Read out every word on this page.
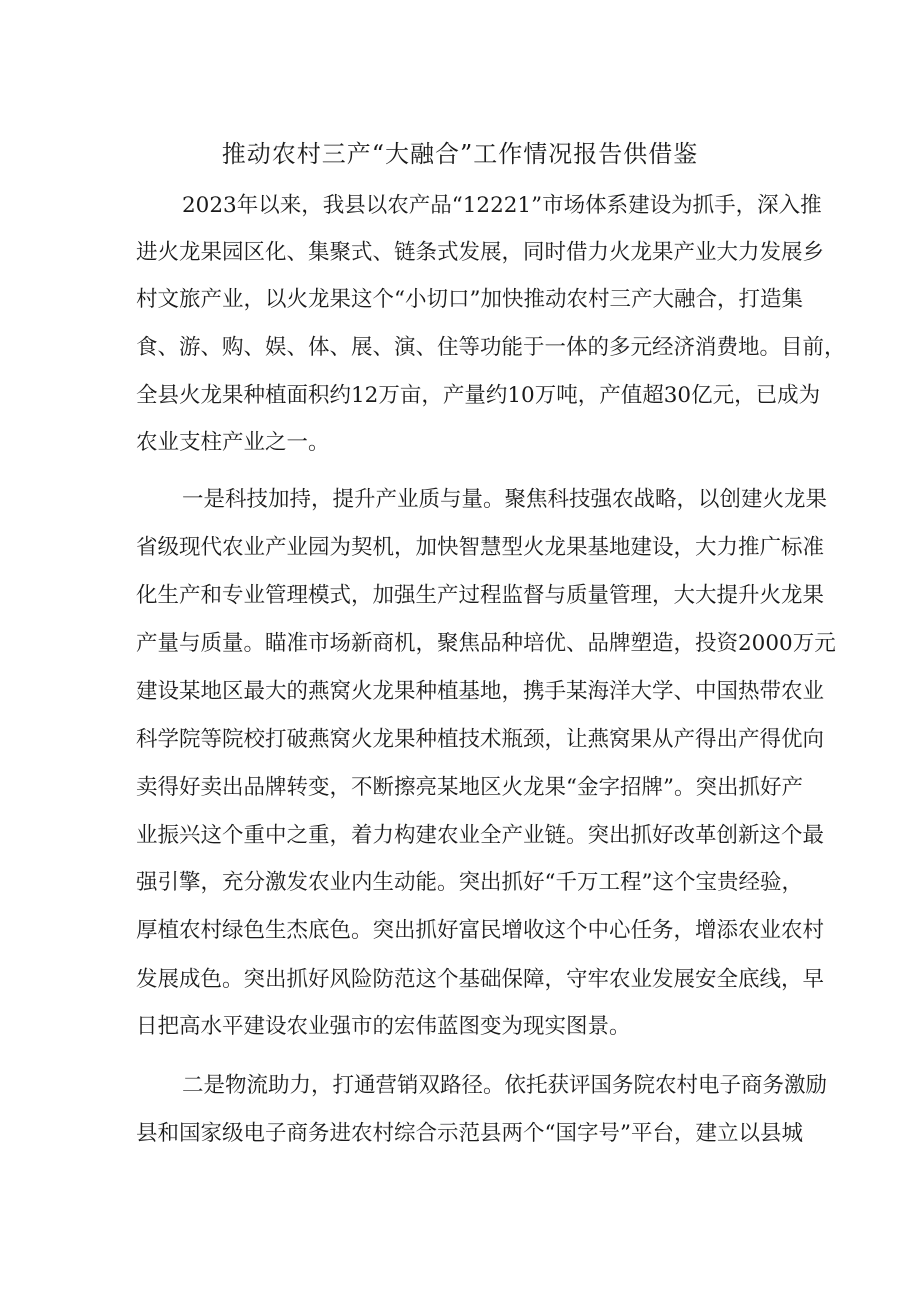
推动农村三产“大融合”工作情况报告供借鉴
2023年以来，我县以农产品“12221”市场体系建设为抓手，深入推
进火龙果园区化、集聚式、链条式发展，同时借力火龙果产业大力发展乡
村文旅产业，以火龙果这个“小切口”加快推动农村三产大融合，打造集
食、游、购、娱、体、展、演、住等功能于一体的多元经济消费地。目前，
全县火龙果种植面积约12万亩，产量约10万吨，产值超30亿元，已成为
农业支柱产业之一。
一是科技加持，提升产业质与量。聚焦科技强农战略，以创建火龙果
省级现代农业产业园为契机，加快智慧型火龙果基地建设，大力推广标准
化生产和专业管理模式，加强生产过程监督与质量管理，大大提升火龙果
产量与质量。瞄准市场新商机，聚焦品种培优、品牌塑造，投资2000万元
建设某地区最大的燕窝火龙果种植基地，携手某海洋大学、中国热带农业
科学院等院校打破燕窝火龙果种植技术瓶颈，让燕窝果从产得出产得优向
卖得好卖出品牌转变，不断擦亮某地区火龙果“金字招牌”。突出抓好产
业振兴这个重中之重，着力构建农业全产业链。突出抓好改革创新这个最
强引擎，充分激发农业内生动能。突出抓好“千万工程”这个宝贵经验，
厚植农村绿色生杰底色。突出抓好富民增收这个中心任务，增添农业农村
发展成色。突出抓好风险防范这个基础保障，守牢农业发展安全底线，早
日把高水平建设农业强市的宏伟蓝图变为现实图景。
二是物流助力，打通营销双路径。依托获评国务院农村电子商务激励
县和国家级电子商务进农村综合示范县两个“国字号”平台，建立以县城
